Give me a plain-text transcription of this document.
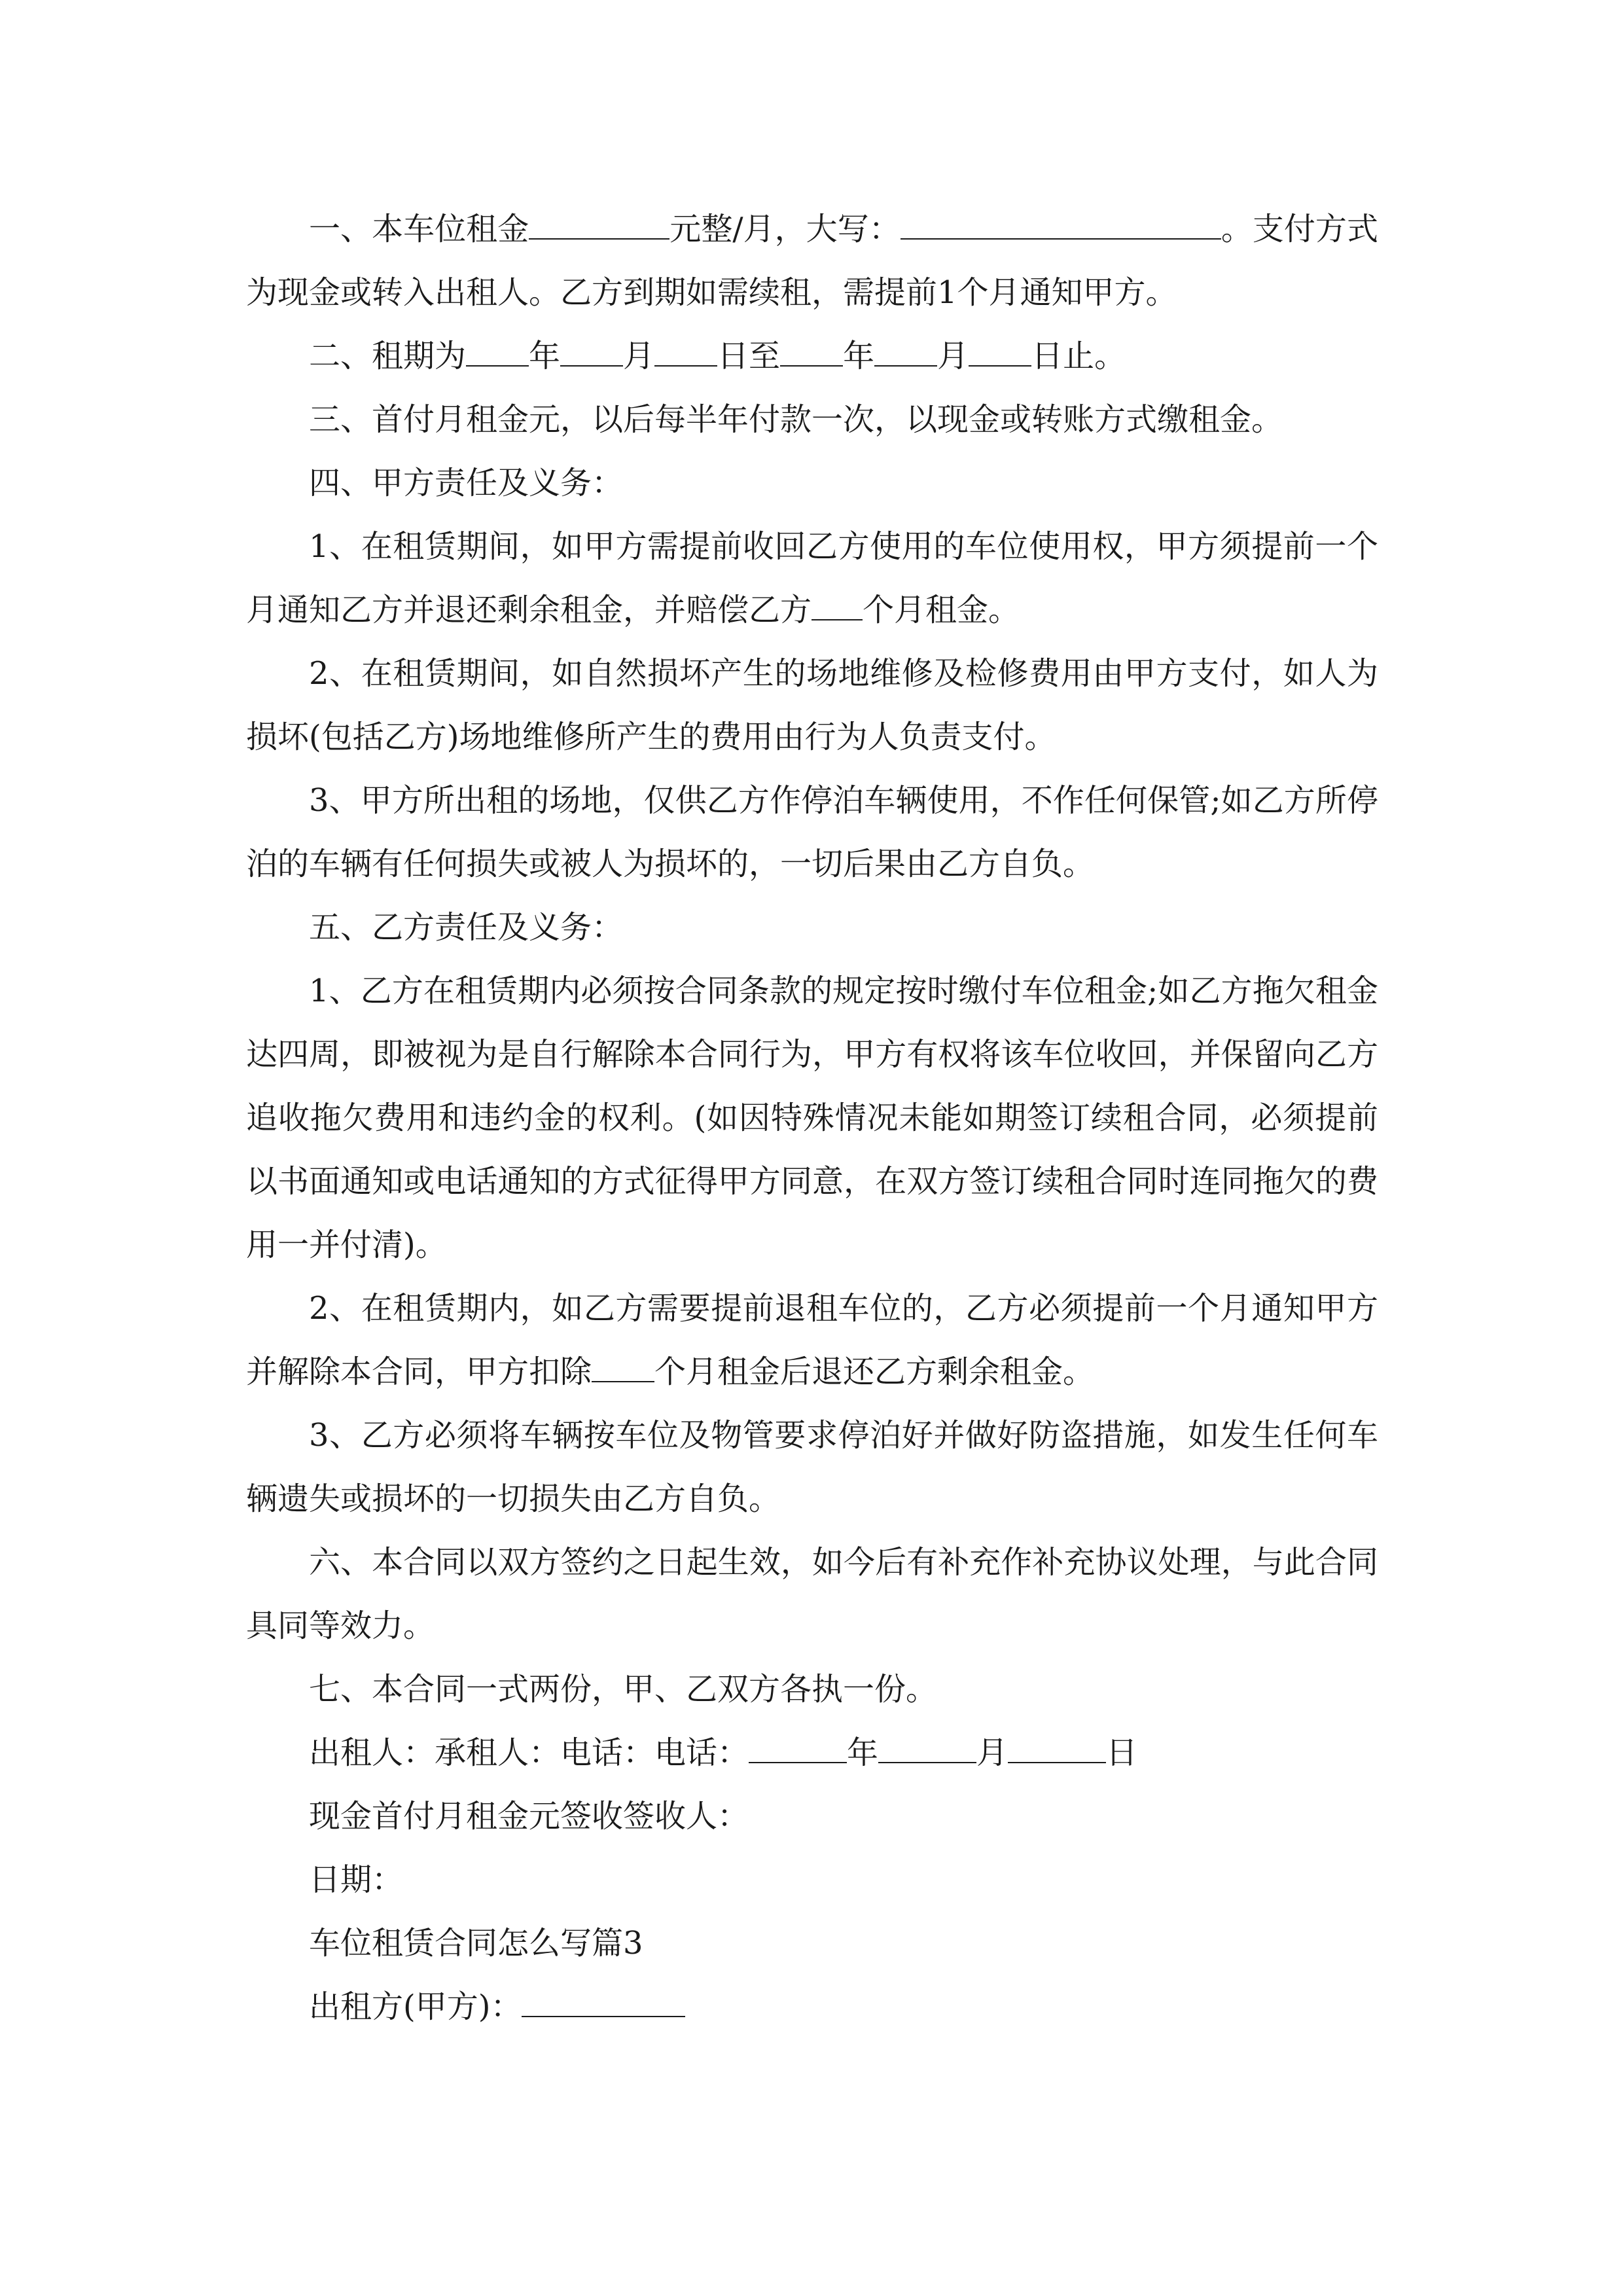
一、本车位租金	元整/月，大写：	。支付方式为现金或转入出租人。乙方到期如需续租，需提前1个月通知甲方。

二、租期为 年 月 日至 年 月 日止。

三、首付月租金元，以后每半年付款一次，以现金或转账方式缴租金。

四、甲方责任及义务：

1、在租赁期间，如甲方需提前收回乙方使用的车位使用权，甲方须提前一个月通知乙方并退还剩余租金，并赔偿乙方 个月租金。

2、在租赁期间，如自然损坏产生的场地维修及检修费用由甲方支付，如人为损坏(包括乙方)场地维修所产生的费用由行为人负责支付。

3、甲方所出租的场地，仅供乙方作停泊车辆使用，不作任何保管;如乙方所停泊的车辆有任何损失或被人为损坏的，一切后果由乙方自负。

五、乙方责任及义务：

1、乙方在租赁期内必须按合同条款的规定按时缴付车位租金;如乙方拖欠租金达四周，即被视为是自行解除本合同行为，甲方有权将该车位收回，并保留向乙方追收拖欠费用和违约金的权利。(如因特殊情况未能如期签订续租合同，必须提前以书面通知或电话通知的方式征得甲方同意，在双方签订续租合同时连同拖欠的费用一并付清)。

2、在租赁期内，如乙方需要提前退租车位的，乙方必须提前一个月通知甲方并解除本合同，甲方扣除 个月租金后退还乙方剩余租金。

3、乙方必须将车辆按车位及物管要求停泊好并做好防盗措施，如发生任何车辆遗失或损坏的一切损失由乙方自负。

六、本合同以双方签约之日起生效，如今后有补充作补充协议处理，与此合同具同等效力。

七、本合同一式两份，甲、乙双方各执一份。

出租人：承租人：电话：电话：	年	月	日

现金首付月租金元签收签收人：

日期：

车位租赁合同怎么写篇3

出租方(甲方)：
